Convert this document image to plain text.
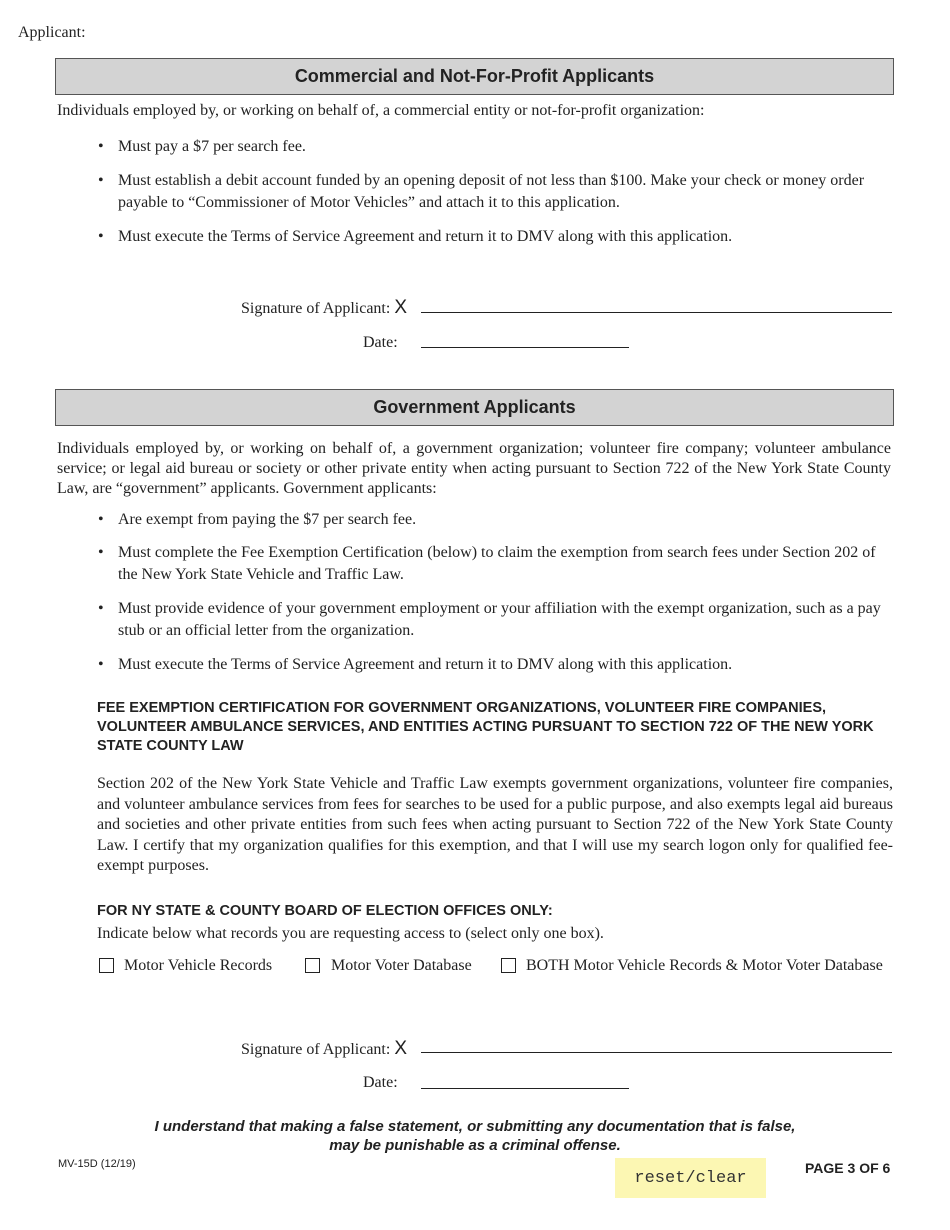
Applicant:
Commercial and Not-For-Profit Applicants
Individuals employed by, or working on behalf of, a commercial entity or not-for-profit organization:
• Must pay a $7 per search fee.
• Must establish a debit account funded by an opening deposit of not less than $100. Make your check or money order payable to “Commissioner of Motor Vehicles” and attach it to this application.
• Must execute the Terms of Service Agreement and return it to DMV along with this application.
Signature of Applicant: X
Date:
Government Applicants
Individuals employed by, or working on behalf of, a government organization; volunteer fire company; volunteer ambulance service; or legal aid bureau or society or other private entity when acting pursuant to Section 722 of the New York State County Law, are “government” applicants. Government applicants:
• Are exempt from paying the $7 per search fee.
• Must complete the Fee Exemption Certification (below) to claim the exemption from search fees under Section 202 of the New York State Vehicle and Traffic Law.
• Must provide evidence of your government employment or your affiliation with the exempt organization, such as a pay stub or an official letter from the organization.
• Must execute the Terms of Service Agreement and return it to DMV along with this application.
FEE EXEMPTION CERTIFICATION FOR GOVERNMENT ORGANIZATIONS, VOLUNTEER FIRE COMPANIES, VOLUNTEER AMBULANCE SERVICES, AND ENTITIES ACTING PURSUANT TO SECTION 722 OF THE NEW YORK STATE COUNTY LAW
Section 202 of the New York State Vehicle and Traffic Law exempts government organizations, volunteer fire companies, and volunteer ambulance services from fees for searches to be used for a public purpose, and also exempts legal aid bureaus and societies and other private entities from such fees when acting pursuant to Section 722 of the New York State County Law. I certify that my organization qualifies for this exemption, and that I will use my search logon only for qualified fee-exempt purposes.
FOR NY STATE & COUNTY BOARD OF ELECTION OFFICES ONLY:
Indicate below what records you are requesting access to (select only one box).
Motor Vehicle Records	Motor Voter Database	BOTH Motor Vehicle Records & Motor Voter Database
Signature of Applicant: X
Date:
I understand that making a false statement, or submitting any documentation that is false, may be punishable as a criminal offense.
MV-15D (12/19)
reset/clear
PAGE 3 OF 6
